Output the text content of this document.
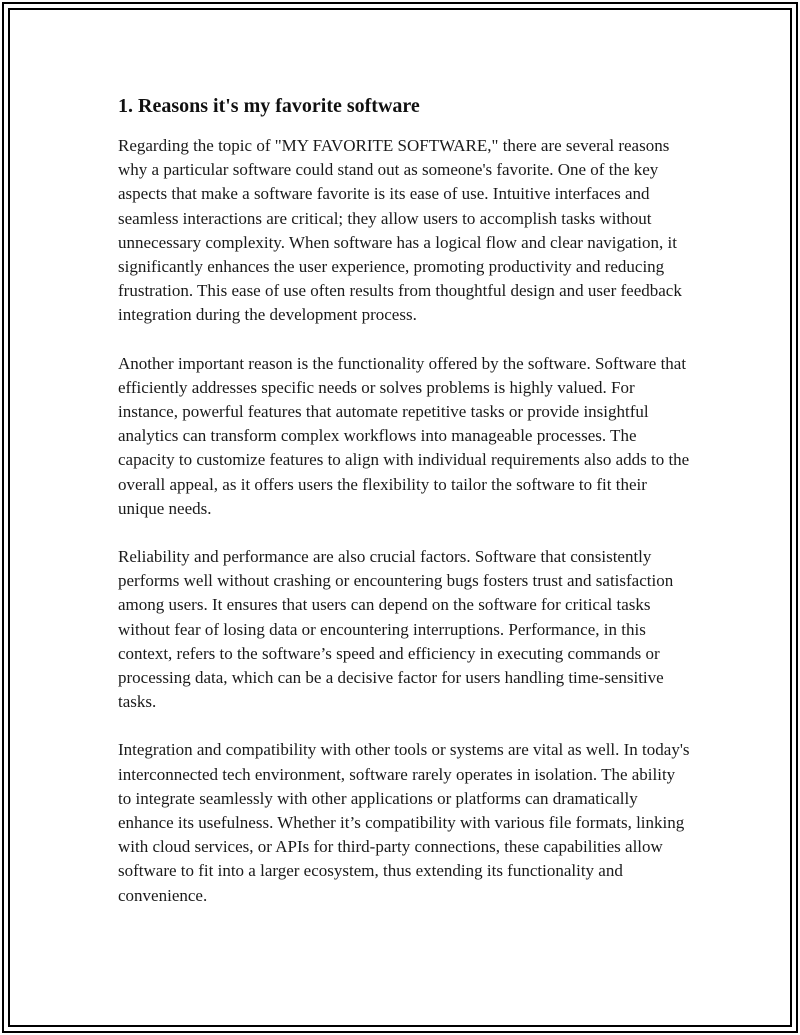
1. Reasons it's my favorite software

Regarding the topic of "MY FAVORITE SOFTWARE," there are several reasons why a particular software could stand out as someone's favorite. One of the key aspects that make a software favorite is its ease of use. Intuitive interfaces and seamless interactions are critical; they allow users to accomplish tasks without unnecessary complexity. When software has a logical flow and clear navigation, it significantly enhances the user experience, promoting productivity and reducing frustration. This ease of use often results from thoughtful design and user feedback integration during the development process.

Another important reason is the functionality offered by the software. Software that efficiently addresses specific needs or solves problems is highly valued. For instance, powerful features that automate repetitive tasks or provide insightful analytics can transform complex workflows into manageable processes. The capacity to customize features to align with individual requirements also adds to the overall appeal, as it offers users the flexibility to tailor the software to fit their unique needs.

Reliability and performance are also crucial factors. Software that consistently performs well without crashing or encountering bugs fosters trust and satisfaction among users. It ensures that users can depend on the software for critical tasks without fear of losing data or encountering interruptions. Performance, in this context, refers to the software’s speed and efficiency in executing commands or processing data, which can be a decisive factor for users handling time-sensitive tasks.

Integration and compatibility with other tools or systems are vital as well. In today's interconnected tech environment, software rarely operates in isolation. The ability to integrate seamlessly with other applications or platforms can dramatically enhance its usefulness. Whether it’s compatibility with various file formats, linking with cloud services, or APIs for third-party connections, these capabilities allow software to fit into a larger ecosystem, thus extending its functionality and convenience.
